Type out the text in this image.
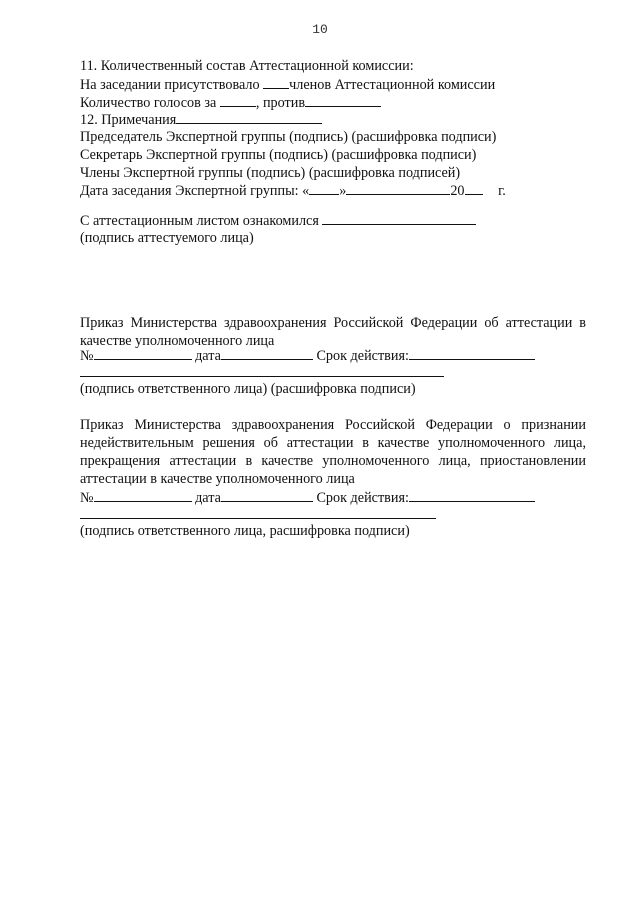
10
11. Количественный состав Аттестационной комиссии:
На заседании присутствовало членов Аттестационной комиссии
Количество голосов за	, против
12. Примечания
Председатель Экспертной группы (подпись) (расшифровка подписи)
Секретарь Экспертной группы (подпись) (расшифровка подписи)
Члены Экспертной группы (подпись) (расшифровка подписей)
Дата заседания Экспертной группы: « »	20 г.
С аттестационным листом ознакомился
(подпись аттестуемого лица)
Приказ Министерства здравоохранения Российской Федерации об аттестации в
качестве уполномоченного лица
№	дата	Срок действия:
(подпись ответственного лица) (расшифровка подписи)
Приказ Министерства здравоохранения Российской Федерации о признании
недействительным решения об аттестации в качестве уполномоченного лица,
прекращения аттестации в качестве уполномоченного лица, приостановлении
аттестации в качестве уполномоченного лица
№	дата	Срок действия:
(подпись ответственного лица, расшифровка подписи)
